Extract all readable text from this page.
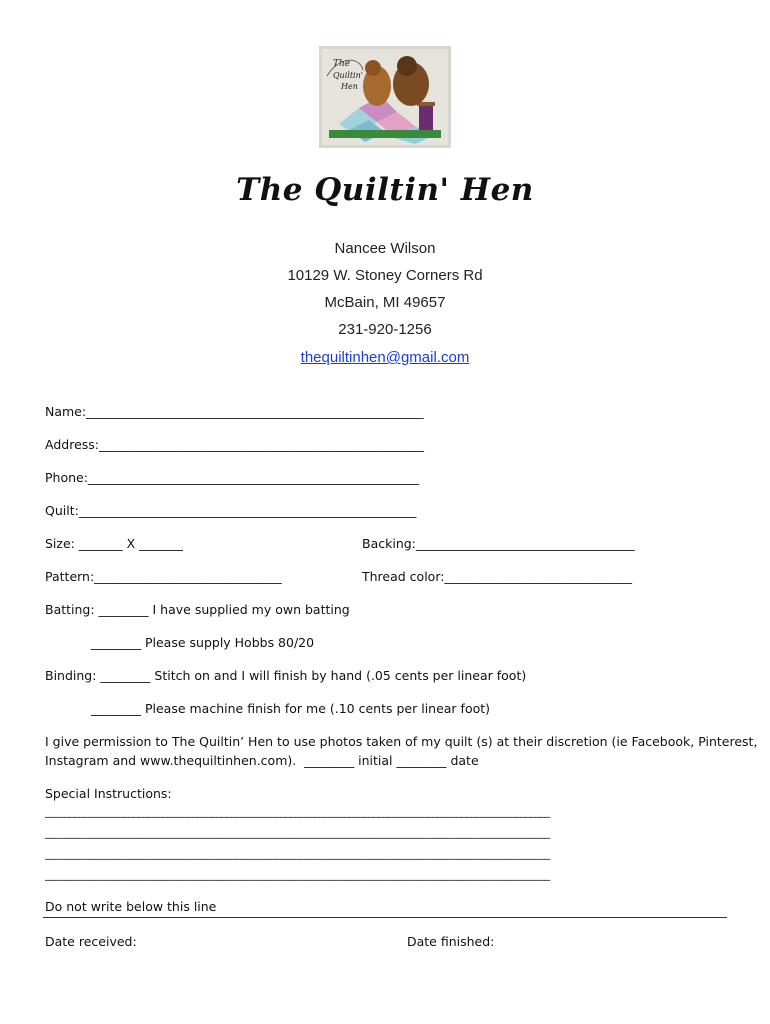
The
Quiltin'
Hen
The Quiltin' Hen
Nancee Wilson
10129 W. Stoney Corners Rd
McBain, MI 49657
231-920-1256
thequiltinhen@gmail.com
Name:______________________________________________________
Address:____________________________________________________
Phone:_____________________________________________________
Quilt:______________________________________________________
Size: _______ X _______	Backing:___________________________________
Pattern:______________________________	Thread color:______________________________
Batting: ________ I have supplied my own batting
________ Please supply Hobbs 80/20
Binding: ________ Stitch on and I will finish by hand (.05 cents per linear foot)
________ Please machine finish for me (.10 cents per linear foot)
I give permission to The Quiltin’ Hen to use photos taken of my quilt (s) at their discretion (ie Facebook, Pinterest,
Instagram and www.thequiltinhen.com).  ________ initial ________ date
Special Instructions:
_______________________________________________________________________________________________________
_______________________________________________________________________________________________________
_______________________________________________________________________________________________________
_______________________________________________________________________________________________________
Do not write below this line
Date received:	Date finished:
